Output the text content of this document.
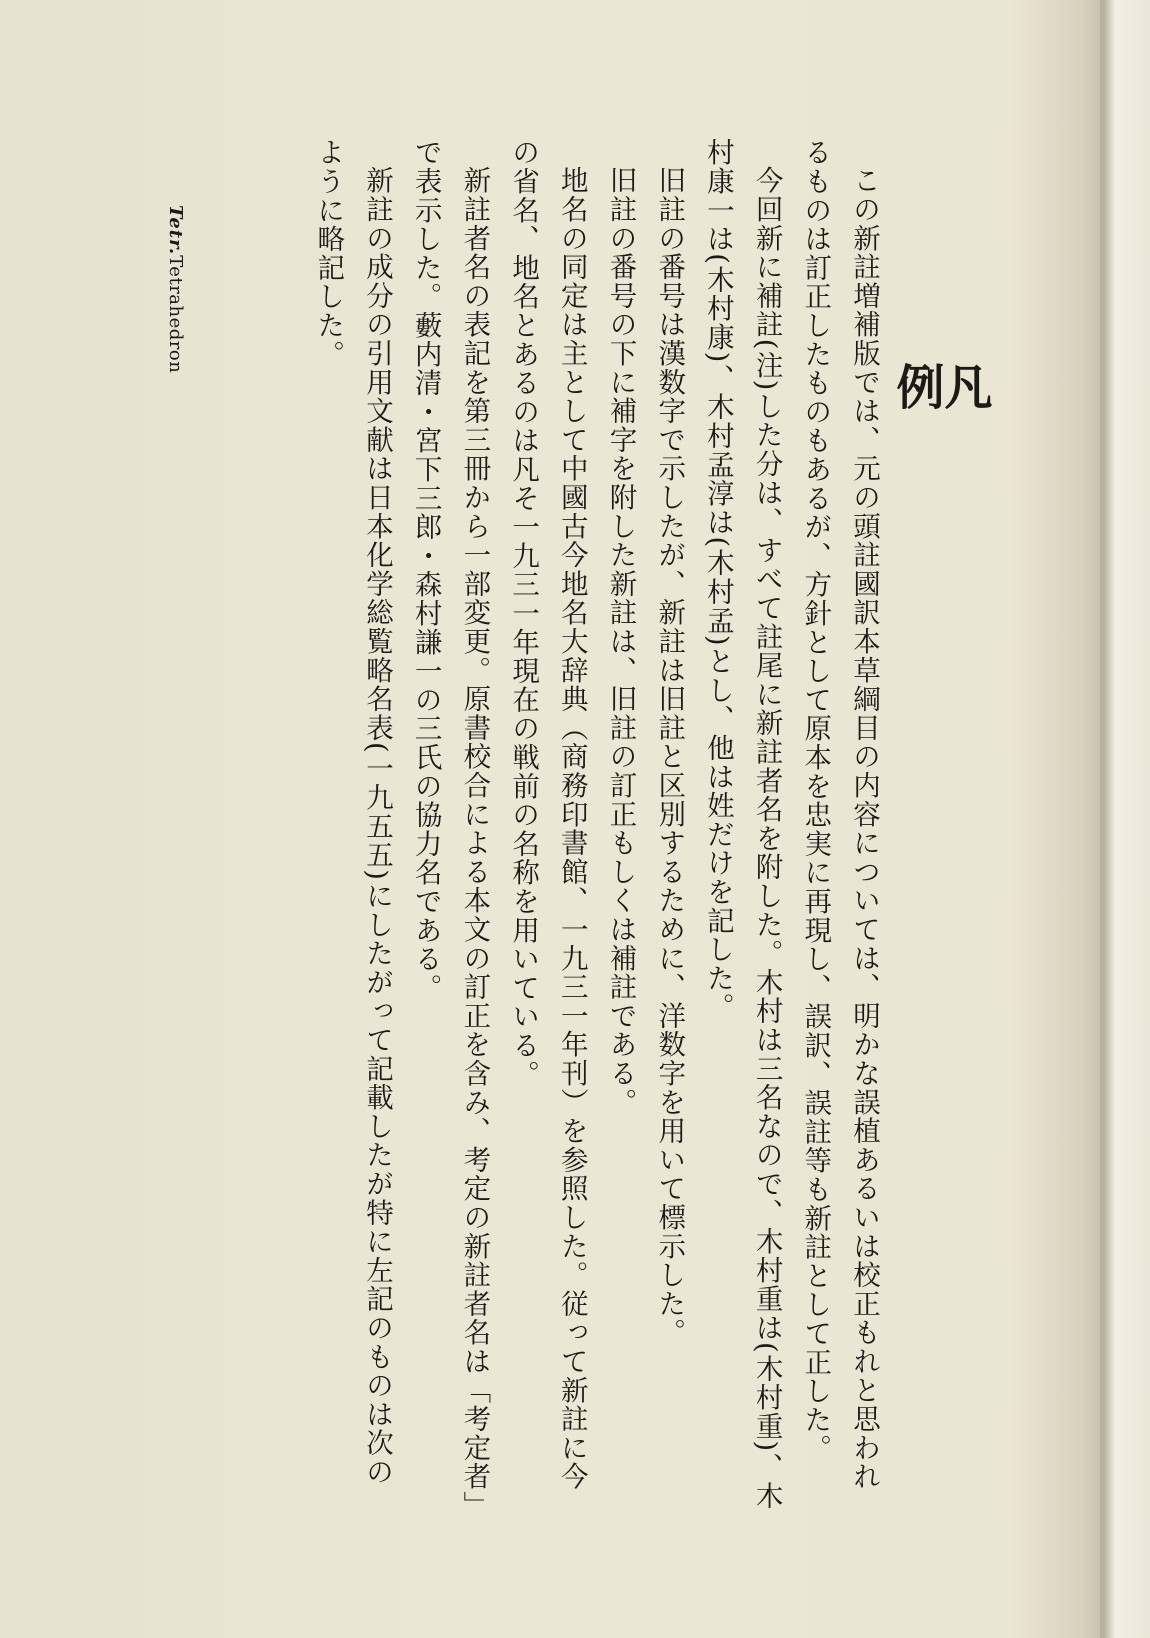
凡例

この新註増補版では、元の頭註國訳本草綱目の内容については、明かな誤植あるいは校正もれと思われるものは訂正したものもあるが、方針として原本を忠実に再現し、誤訳、誤註等も新註として正した。

今回新に補註(注)した分は、すべて註尾に新註者名を附した。木村は三名なので、木村重は(木村重)、木村康一は(木村康)、木村孟淳は(木村孟)とし、他は姓だけを記した。

旧註の番号は漢数字で示したが、新註は旧註と区別するために、洋数字を用いて標示した。

旧註の番号の下に補字を附した新註は、旧註の訂正もしくは補註である。

地名の同定は主として中國古今地名大辞典（商務印書館、一九三一年刊）を参照した。従って新註に今の省名、地名とあるのは凡そ一九三一年現在の戦前の名称を用いている。

新註者名の表記を第三冊から一部変更。原書校合による本文の訂正を含み、考定の新註者名は「考定者」で表示した。藪内清・宮下三郎・森村謙一の三氏の協力名である。

新註の成分の引用文献は日本化学総覧略名表(一九五五)にしたがって記載したが特に左記のものは次のように略記した。

Tetr.Tetrahedron
